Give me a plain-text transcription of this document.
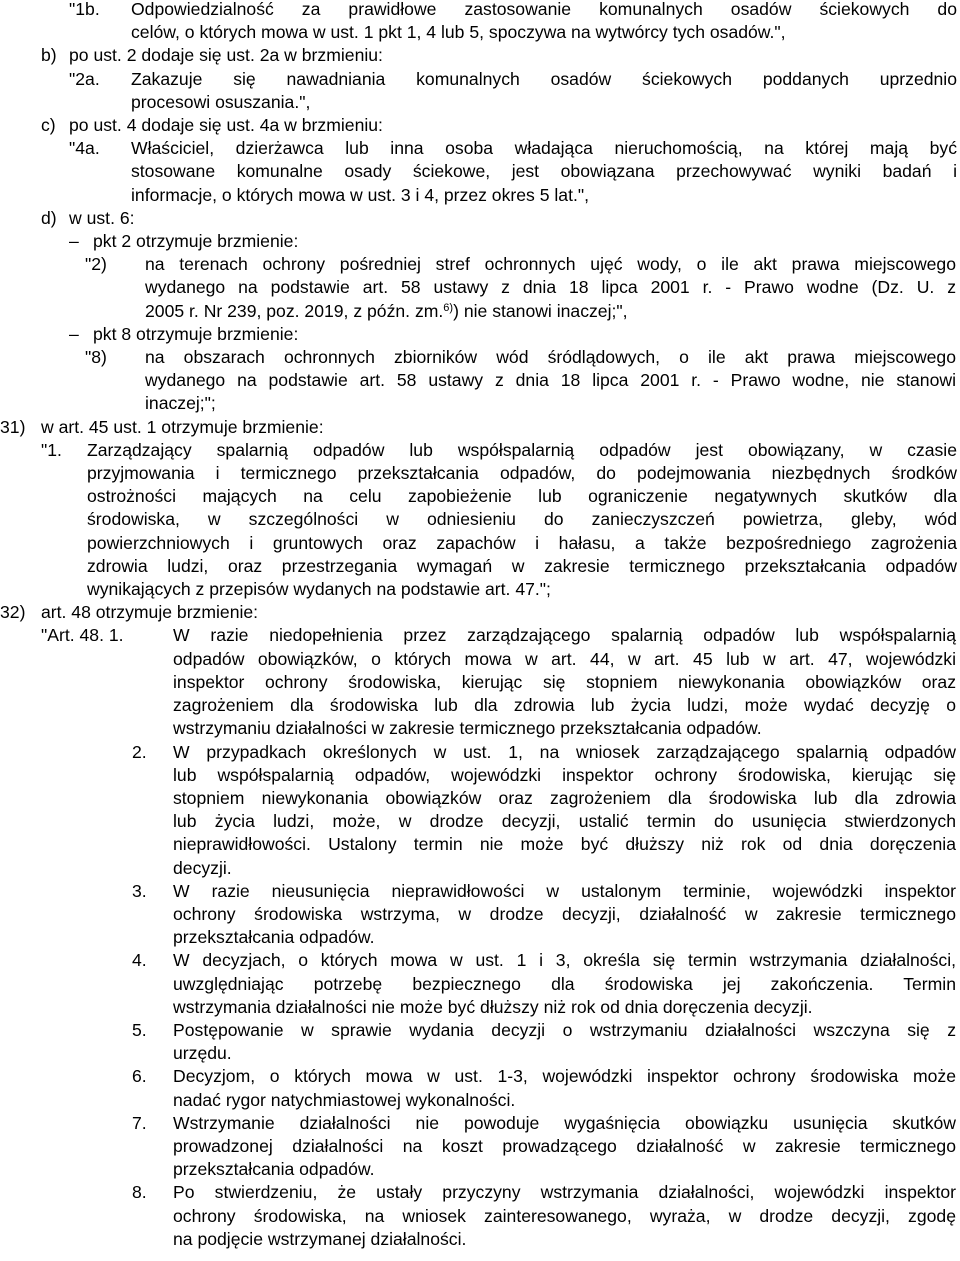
"1b. Odpowiedzialność za prawidłowe zastosowanie komunalnych osadów ściekowych do
celów, o których mowa w ust. 1 pkt 1, 4 lub 5, spoczywa na wytwórcy tych osadów.",
b) po ust. 2 dodaje się ust. 2a w brzmieniu:
"2a. Zakazuje się nawadniania komunalnych osadów ściekowych poddanych uprzednio
procesowi osuszania.",
c) po ust. 4 dodaje się ust. 4a w brzmieniu:
"4a. Właściciel, dzierżawca lub inna osoba władająca nieruchomością, na której mają być
stosowane komunalne osady ściekowe, jest obowiązana przechowywać wyniki badań i
informacje, o których mowa w ust. 3 i 4, przez okres 5 lat.",
d) w ust. 6:
– pkt 2 otrzymuje brzmienie:
"2) na terenach ochrony pośredniej stref ochronnych ujęć wody, o ile akt prawa miejscowego
wydanego na podstawie art. 58 ustawy z dnia 18 lipca 2001 r. - Prawo wodne (Dz. U. z
2005 r. Nr 239, poz. 2019, z późn. zm.$^{6)}$) nie stanowi inaczej;",
– pkt 8 otrzymuje brzmienie:
"8) na obszarach ochronnych zbiorników wód śródlądowych, o ile akt prawa miejscowego
wydanego na podstawie art. 58 ustawy z dnia 18 lipca 2001 r. - Prawo wodne, nie stanowi
inaczej;";
31) w art. 45 ust. 1 otrzymuje brzmienie:
"1. Zarządzający spalarnią odpadów lub współspalarnią odpadów jest obowiązany, w czasie
przyjmowania i termicznego przekształcania odpadów, do podejmowania niezbędnych środków
ostrożności mających na celu zapobieżenie lub ograniczenie negatywnych skutków dla
środowiska, w szczególności w odniesieniu do zanieczyszczeń powietrza, gleby, wód
powierzchniowych i gruntowych oraz zapachów i hałasu, a także bezpośredniego zagrożenia
zdrowia ludzi, oraz przestrzegania wymagań w zakresie termicznego przekształcania odpadów
wynikających z przepisów wydanych na podstawie art. 47.";
32) art. 48 otrzymuje brzmienie:
"Art. 48. 1.	W razie niedopełnienia przez zarządzającego spalarnią odpadów lub współspalarnią
odpadów obowiązków, o których mowa w art. 44, w art. 45 lub w art. 47, wojewódzki
inspektor ochrony środowiska, kierując się stopniem niewykonania obowiązków oraz
zagrożeniem dla środowiska lub dla zdrowia lub życia ludzi, może wydać decyzję o
wstrzymaniu działalności w zakresie termicznego przekształcania odpadów.
2. W przypadkach określonych w ust. 1, na wniosek zarządzającego spalarnią odpadów
lub współspalarnią odpadów, wojewódzki inspektor ochrony środowiska, kierując się
stopniem niewykonania obowiązków oraz zagrożeniem dla środowiska lub dla zdrowia
lub życia ludzi, może, w drodze decyzji, ustalić termin do usunięcia stwierdzonych
nieprawidłowości. Ustalony termin nie może być dłuższy niż rok od dnia doręczenia
decyzji.
3. W razie nieusunięcia nieprawidłowości w ustalonym terminie, wojewódzki inspektor
ochrony środowiska wstrzyma, w drodze decyzji, działalność w zakresie termicznego
przekształcania odpadów.
4. W decyzjach, o których mowa w ust. 1 i 3, określa się termin wstrzymania działalności,
uwzględniając potrzebę bezpiecznego dla środowiska jej zakończenia. Termin
wstrzymania działalności nie może być dłuższy niż rok od dnia doręczenia decyzji.
5. Postępowanie w sprawie wydania decyzji o wstrzymaniu działalności wszczyna się z
urzędu.
6. Decyzjom, o których mowa w ust. 1-3, wojewódzki inspektor ochrony środowiska może
nadać rygor natychmiastowej wykonalności.
7. Wstrzymanie działalności nie powoduje wygaśnięcia obowiązku usunięcia skutków
prowadzonej działalności na koszt prowadzącego działalność w zakresie termicznego
przekształcania odpadów.
8. Po stwierdzeniu, że ustały przyczyny wstrzymania działalności, wojewódzki inspektor
ochrony środowiska, na wniosek zainteresowanego, wyraża, w drodze decyzji, zgodę
na podjęcie wstrzymanej działalności.
